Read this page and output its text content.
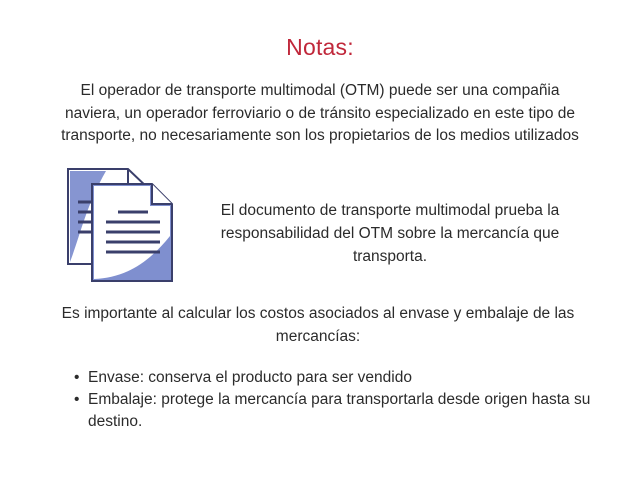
Notas:
El operador de transporte multimodal (OTM) puede ser una compañia naviera, un operador ferroviario o de tránsito especializado en este tipo de transporte, no necesariamente son los propietarios de los medios utilizados
El documento de transporte multimodal prueba la responsabilidad del OTM sobre la mercancía que transporta.
Es importante al calcular los costos asociados al envase y embalaje de las mercancías:
• Envase: conserva el producto para ser vendido
• Embalaje: protege la mercancía para transportarla desde origen hasta su destino.
